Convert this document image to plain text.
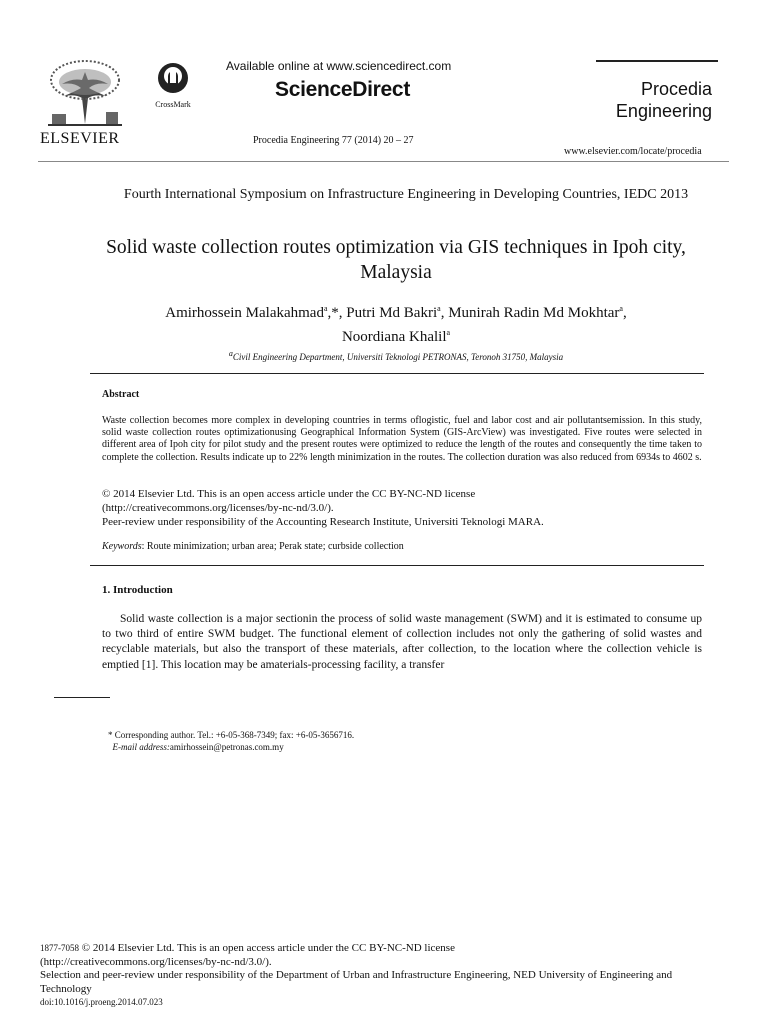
ELSEVIER
CrossMark
Available online at www.sciencedirect.com
ScienceDirect
Procedia Engineering 77 (2014) 20 – 27
Procedia
Engineering
www.elsevier.com/locate/procedia
Fourth International Symposium on Infrastructure Engineering in Developing Countries, IEDC 2013
Solid waste collection routes optimization via GIS techniques in Ipoh city, Malaysia
Amirhossein Malakahmad$^a$,*, Putri Md Bakri$^a$, Munirah Radin Md Mokhtar$^a$,
Noordiana Khalil$^a$
$^a$Civil Engineering Department, Universiti Teknologi PETRONAS, Teronoh 31750, Malaysia
Abstract
Waste collection becomes more complex in developing countries in terms oflogistic, fuel and labor cost and air pollutantsemission. In this study, solid waste collection routes optimizationusing Geographical Information System (GIS-ArcView) was investigated. Five routes were selected in different area of Ipoh city for pilot study and the present routes were optimized to reduce the length of the routes and consequently the time taken to complete the collection. Results indicate up to 22% length minimization in the routes. The collection duration was also reduced from 6934s to 4602 s.
© 2014 Elsevier Ltd. This is an open access article under the CC BY-NC-ND license
(http://creativecommons.org/licenses/by-nc-nd/3.0/).
Peer-review under responsibility of the Accounting Research Institute, Universiti Teknologi MARA.
Keywords: Route minimization; urban area; Perak state; curbside collection
1. Introduction
Solid waste collection is a major sectionin the process of solid waste management (SWM) and it is estimated to consume up to two third of entire SWM budget. The functional element of collection includes not only the gathering of solid wastes and recyclable materials, but also the transport of these materials, after collection, to the location where the collection vehicle is emptied [1]. This location may be amaterials-processing facility, a transfer
* Corresponding author. Tel.: +6-05-368-7349; fax: +6-05-3656716.
E-mail address:amirhossein@petronas.com.my
1877-7058 © 2014 Elsevier Ltd. This is an open access article under the CC BY-NC-ND license
(http://creativecommons.org/licenses/by-nc-nd/3.0/).
Selection and peer-review under responsibility of the Department of Urban and Infrastructure Engineering, NED University of Engineering and Technology
doi:10.1016/j.proeng.2014.07.023
